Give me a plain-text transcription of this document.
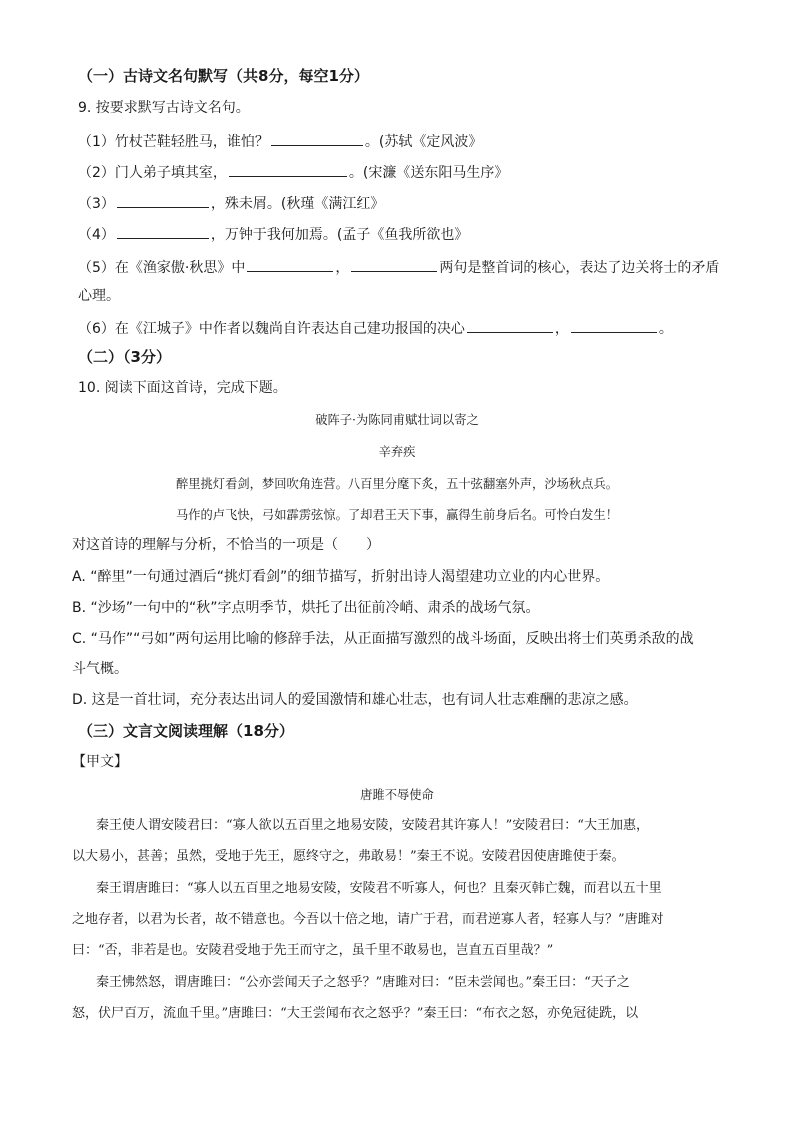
（一）古诗文名句默写（共8分，每空1分）
9. 按要求默写古诗文名句。
（1）竹杖芒鞋轻胜马，谁怕？	。(苏轼《定风波》
（2）门人弟子填其室，	。(宋濂《送东阳马生序》
（3）	，殊未屑。(秋瑾《满江红》
（4）	，万钟于我何加焉。(孟子《鱼我所欲也》
（5）在《渔家傲·秋思》中	，	两句是整首词的核心，表达了边关将士的矛盾
心理。
（6）在《江城子》中作者以魏尚自许表达自己建功报国的决心	，	。
（二）（3分）
10. 阅读下面这首诗，完成下题。
破阵子·为陈同甫赋壮词以寄之
辛弃疾
醉里挑灯看剑，梦回吹角连营。八百里分麾下炙，五十弦翻塞外声，沙场秋点兵。
马作的卢飞快，弓如霹雳弦惊。了却君王天下事，赢得生前身后名。可怜白发生！
对这首诗的理解与分析，不恰当的一项是（　　）
A. “醉里”一句通过酒后“挑灯看剑”的细节描写，折射出诗人渴望建功立业的内心世界。
B. “沙场”一句中的“秋”字点明季节，烘托了出征前冷峭、肃杀的战场气氛。
C. “马作”“弓如”两句运用比喻的修辞手法，从正面描写激烈的战斗场面，反映出将士们英勇杀敌的战
斗气概。
D. 这是一首壮词，充分表达出词人的爱国激情和雄心壮志，也有词人壮志难酬的悲凉之感。
（三）文言文阅读理解（18分）
【甲文】
唐雎不辱使命
秦王使人谓安陵君曰：“寡人欲以五百里之地易安陵，安陵君其许寡人！”安陵君曰：“大王加惠，
以大易小，甚善；虽然，受地于先王，愿终守之，弗敢易！”秦王不说。安陵君因使唐雎使于秦。
秦王谓唐雎曰：“寡人以五百里之地易安陵，安陵君不听寡人，何也？且秦灭韩亡魏，而君以五十里
之地存者，以君为长者，故不错意也。今吾以十倍之地，请广于君，而君逆寡人者，轻寡人与？”唐雎对
曰：“否，非若是也。安陵君受地于先王而守之，虽千里不敢易也，岂直五百里哉？”
秦王怫然怒，谓唐雎曰：“公亦尝闻天子之怒乎？”唐雎对曰：“臣未尝闻也。”秦王曰：“天子之
怒，伏尸百万，流血千里。”唐雎曰：“大王尝闻布衣之怒乎？”秦王曰：“布衣之怒，亦免冠徒跣，以
